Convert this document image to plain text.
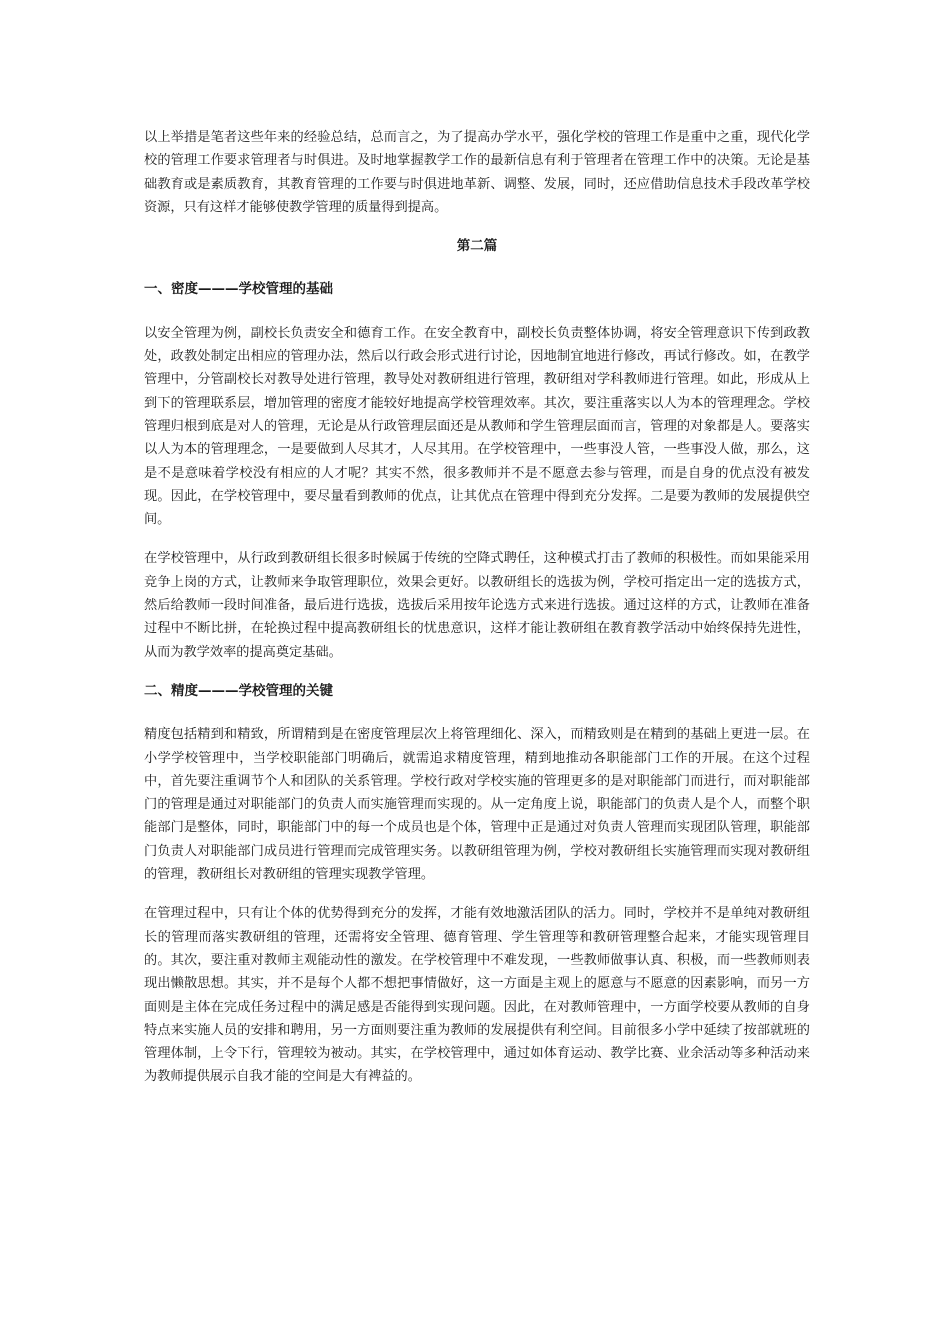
以上举措是笔者这些年来的经验总结，总而言之，为了提高办学水平，强化学校的管理工作是重中之重，现代化学校的管理工作要求管理者与时俱进。及时地掌握教学工作的最新信息有利于管理者在管理工作中的决策。无论是基础教育或是素质教育，其教育管理的工作要与时俱进地革新、调整、发展，同时，还应借助信息技术手段改革学校资源，只有这样才能够使教学管理的质量得到提高。

第二篇
一、密度———学校管理的基础

以安全管理为例，副校长负责安全和德育工作。在安全教育中，副校长负责整体协调，将安全管理意识下传到政教处，政教处制定出相应的管理办法，然后以行政会形式进行讨论，因地制宜地进行修改，再试行修改。如，在教学管理中，分管副校长对教导处进行管理，教导处对教研组进行管理，教研组对学科教师进行管理。如此，形成从上到下的管理联系层，增加管理的密度才能较好地提高学校管理效率。其次，要注重落实以人为本的管理理念。学校管理归根到底是对人的管理，无论是从行政管理层面还是从教师和学生管理层面而言，管理的对象都是人。要落实以人为本的管理理念，一是要做到人尽其才，人尽其用。在学校管理中，一些事没人管，一些事没人做，那么，这是不是意味着学校没有相应的人才呢？其实不然，很多教师并不是不愿意去参与管理，而是自身的优点没有被发现。因此，在学校管理中，要尽量看到教师的优点，让其优点在管理中得到充分发挥。二是要为教师的发展提供空间。

在学校管理中，从行政到教研组长很多时候属于传统的空降式聘任，这种模式打击了教师的积极性。而如果能采用竞争上岗的方式，让教师来争取管理职位，效果会更好。以教研组长的选拔为例，学校可指定出一定的选拔方式，然后给教师一段时间准备，最后进行选拔，选拔后采用按年论选方式来进行选拔。通过这样的方式，让教师在准备过程中不断比拼，在轮换过程中提高教研组长的忧患意识，这样才能让教研组在教育教学活动中始终保持先进性，从而为教学效率的提高奠定基础。

二、精度———学校管理的关键

精度包括精到和精致，所谓精到是在密度管理层次上将管理细化、深入，而精致则是在精到的基础上更进一层。在小学学校管理中，当学校职能部门明确后，就需追求精度管理，精到地推动各职能部门工作的开展。在这个过程中，首先要注重调节个人和团队的关系管理。学校行政对学校实施的管理更多的是对职能部门而进行，而对职能部门的管理是通过对职能部门的负责人而实施管理而实现的。从一定角度上说，职能部门的负责人是个人，而整个职能部门是整体，同时，职能部门中的每一个成员也是个体，管理中正是通过对负责人管理而实现团队管理，职能部门负责人对职能部门成员进行管理而完成管理实务。以教研组管理为例，学校对教研组长实施管理而实现对教研组的管理，教研组长对教研组的管理实现教学管理。

在管理过程中，只有让个体的优势得到充分的发挥，才能有效地激活团队的活力。同时，学校并不是单纯对教研组长的管理而落实教研组的管理，还需将安全管理、德育管理、学生管理等和教研管理整合起来，才能实现管理目的。其次，要注重对教师主观能动性的激发。在学校管理中不难发现，一些教师做事认真、积极，而一些教师则表现出懒散思想。其实，并不是每个人都不想把事情做好，这一方面是主观上的愿意与不愿意的因素影响，而另一方面则是主体在完成任务过程中的满足感是否能得到实现问题。因此，在对教师管理中，一方面学校要从教师的自身特点来实施人员的安排和聘用，另一方面则要注重为教师的发展提供有利空间。目前很多小学中延续了按部就班的管理体制，上令下行，管理较为被动。其实，在学校管理中，通过如体育运动、教学比赛、业余活动等多种活动来为教师提供展示自我才能的空间是大有裨益的。
